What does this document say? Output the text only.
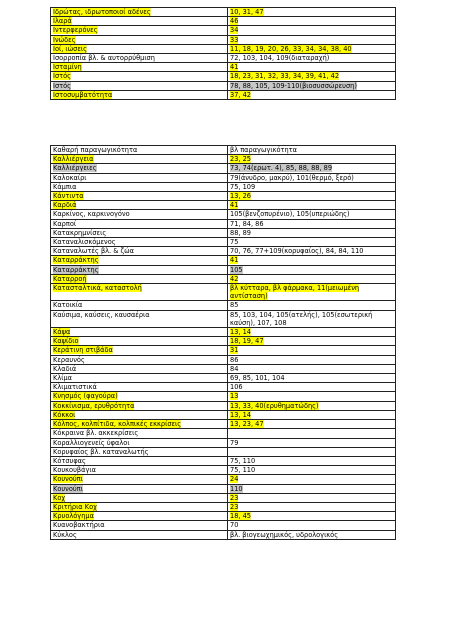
Ιδρώτας, ιδρωτοποιοί αδένες	10, 31, 47
Ιλαρά	46
Ιντερφερόνες	34
Ινώδες	33
Ιοί, ιώσεις	11, 18, 19, 20, 26, 33, 34, 34, 38, 40
Ισορροπία βλ. & αυτορρύθμιση	72, 103, 104, 109(διαταραχή)
Ισταμίνη	41
Ιστός	18, 23, 31, 32, 33, 34, 39, 41, 42
Ιστός	78, 88, 105, 109-110(βιοσυσσώρευση)
Ιστοσυμβατότητα	37, 42
Καθαρή παραγωγικότητα	βλ παραγωγικότητα
Καλλιέργεια	23, 25
Καλλιέργειες	73, 74(ερωτ. 4), 85, 88, 88, 89
Καλοκαίρι	79(άνυδρο, μακρύ), 101(θερμό, ξερό)
Κάμπια	75, 109
Κάντιντα	13, 26
Καρδιά	41
Καρκίνος, καρκινογόνο	105(βενζοπυρένιο), 105(υπεριώδης)
Καρποί	71, 84, 86
Κατακρημνίσεις	88, 89
Καταναλισκόμενος	75
Καταναλωτές βλ. & ζώα	70, 76, 77+109(κορυφαίος), 84, 84, 110
Καταρράκτης	41
Καταρράκτης	105
Καταρροή	42
Κατασταλτικά, καταστολή	βλ κύτταρα, βλ φάρμακα, 11(μειωμένη αντίσταση)
Κατοικία	85
Καύσιμα, καύσεις, καυσαέρια	85, 103, 104, 105(ατελής), 105(εσωτερική καύση), 107, 108
Κάψα	13, 14
Καψίδιο	18, 19, 47
Κεράτινη στιβάδα	31
Κεραυνός	86
Κλαδιά	84
Κλίμα	69, 85, 101, 104
Κλιματιστικά	106
Κνησμός (φαγούρα)	13
Κοκκίνισμα, ερυθρότητα	13, 33, 40(ερυθηματώδης)
Κόκκοι	13, 14
Κόλπος, κολπίτιδα, κολπικές εκκρίσεις	13, 23, 47
Κόκραινα βλ. ακκεκρίσεις	
Κοραλλιογενείς ύφαλοι	79
Κορυφαίος βλ. καταναλωτής	
Κότσυφας	75, 110
Κουκουβάγια	75, 110
Κουνούπι	24
Κουνούπι	110
Κοχ	23
Κριτήρια Κοχ	23
Κρυολόγημα	18, 45
Κυανοβακτήρια	70
Κύκλος	βλ. βιογεωχημικός, υδρολογικός
